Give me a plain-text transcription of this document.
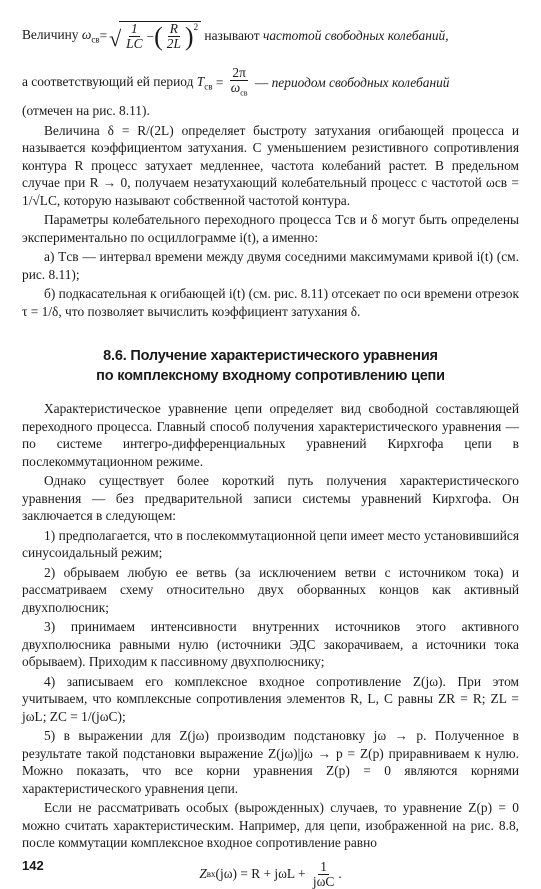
Величину $\omega_{св}$ =
√ $\frac{1}{LC}$ − ( $\frac{R}{2L} )^2$
называют частотой свободных колебаний ,
а соответствующий ей период $T_{св} = \frac{2\pi}{\omega_{св}}$ — периодом свободных колебаний

(отмечен на рис. 8.11).

Величина δ = R/(2L) определяет быстроту затухания огибающей процесса и называется коэффициентом затухания. С уменьшением резистивного сопротивления контура R процесс затухает медленнее, частота колебаний растет. В предельном случае при R → 0, получаем незатухающий колебательный процесс с частотой ωсв = 1/√LC, которую называют собственной частотой контура.

Параметры колебательного переходного процесса Tсв и δ могут быть определены экспериментально по осциллограмме i(t), а именно:

а) Tсв — интервал времени между двумя соседними максимумами кривой i(t) (см. рис. 8.11);

б) подкасательная к огибающей i(t) (см. рис. 8.11) отсекает по оси времени отрезок τ = 1/δ, что позволяет вычислить коэффициент затухания δ.

8.6. Получение характеристического уравнения
по комплексному входному сопротивлению цепи

Характеристическое уравнение цепи определяет вид свободной составляющей переходного процесса. Главный способ получения характеристического уравнения — по системе интегро-дифференциальных уравнений Кирхгофа цепи в послекоммутационном режиме.

Однако существует более короткий путь получения характеристического уравнения — без предварительной записи системы уравнений Кирхгофа. Он заключается в следующем:

1) предполагается, что в послекоммутационной цепи имеет место установившийся синусоидальный режим;

2) обрываем любую ее ветвь (за исключением ветви с источником тока) и рассматриваем схему относительно двух оборванных концов как активный двухполюсник;

3) принимаем интенсивности внутренних источников этого активного двухполюсника равными нулю (источники ЭДС закорачиваем, а источники тока обрываем). Приходим к пассивному двухполюснику;

4) записываем его комплексное входное сопротивление Z(jω). При этом учитываем, что комплексные сопротивления элементов R, L, C равны ZR = R; ZL = jωL; ZC = 1/(jωC);

5) в выражении для Z(jω) производим подстановку jω → p. Полученное в результате такой подстановки выражение Z(jω)|jω → p = Z(p) приравниваем к нулю. Можно показать, что все корни уравнения Z(p) = 0 являются корнями характеристического уравнения цепи.

Если не рассматривать особых (вырожденных) случаев, то уравнение Z(p) = 0 можно считать характеристическим. Например, для цепи, изображенной на рис. 8.8, после коммутации комплексное входное сопротивление равно

Z вх $(j\omega) = R + j\omega L + \frac{1}{\text{jωC}}$ .
142
